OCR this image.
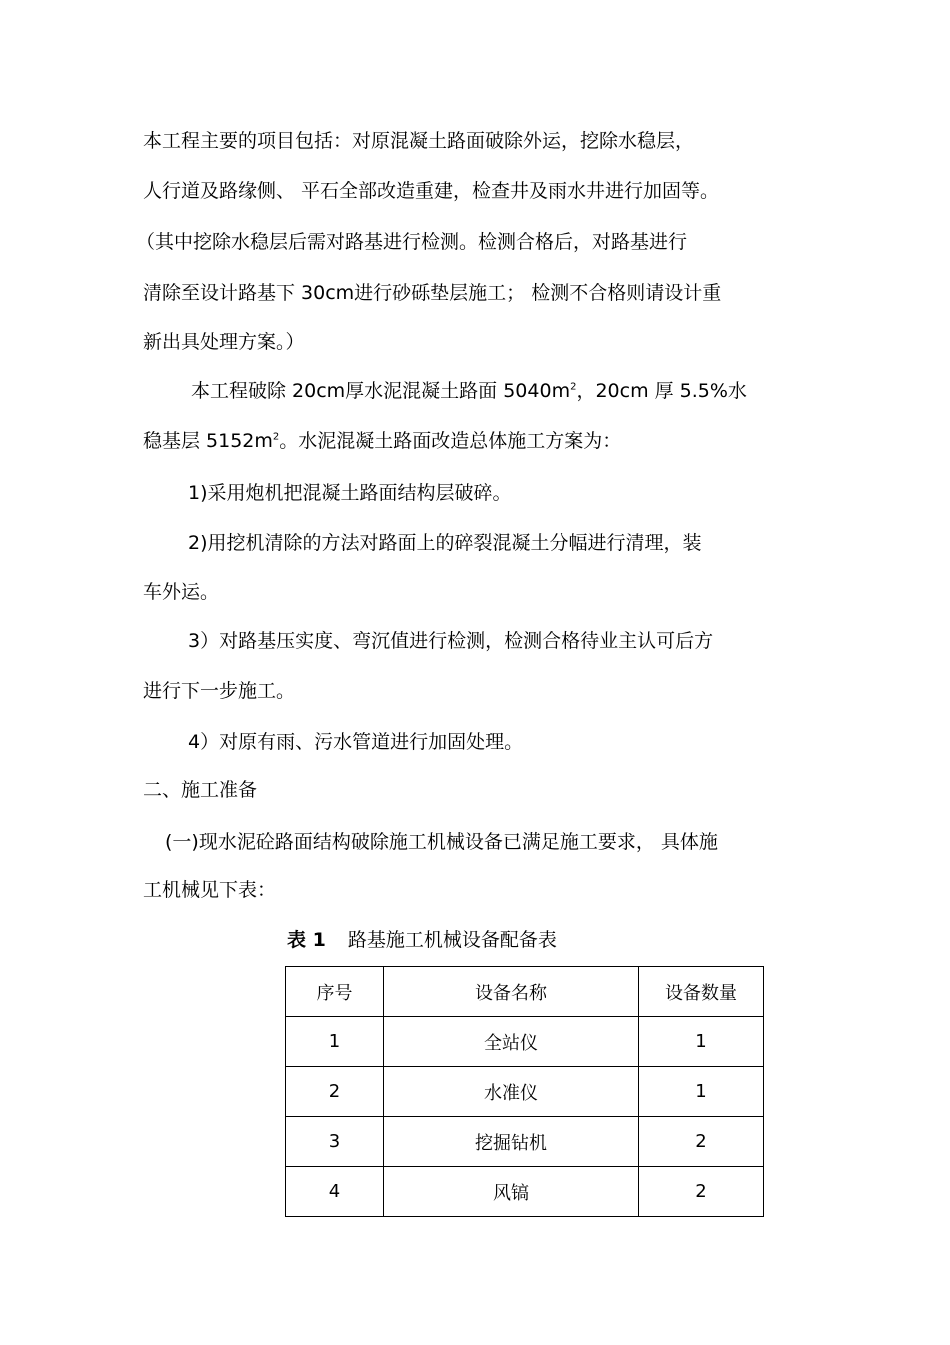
本工程主要的项目包括：对原混凝土路面破除外运，挖除水稳层，
人行道及路缘侧、 平石全部改造重建，检查井及雨水井进行加固等。
（其中挖除水稳层后需对路基进行检测。检测合格后，对路基进行
清除至设计路基下 30cm进行砂砾垫层施工； 检测不合格则请设计重
新出具处理方案。）
本工程破除 20cm厚水泥混凝土路面 $5040m^2$，20cm 厚 5.5%水
稳基层 $5152m^2$。水泥混凝土路面改造总体施工方案为：
1)采用炮机把混凝土路面结构层破碎。
2)用挖机清除的方法对路面上的碎裂混凝土分幅进行清理，装
车外运。
3）对路基压实度、弯沉值进行检测，检测合格待业主认可后方
进行下一步施工。
4）对原有雨、污水管道进行加固处理。
二、施工准备
(一)现水泥砼路面结构破除施工机械设备已满足施工要求， 具体施
工机械见下表：
表 1 路基施工机械设备配备表
序号	设备名称	设备数量
1	全站仪	1
2	水准仪	1
3	挖掘钻机	2
4	风镐	2
